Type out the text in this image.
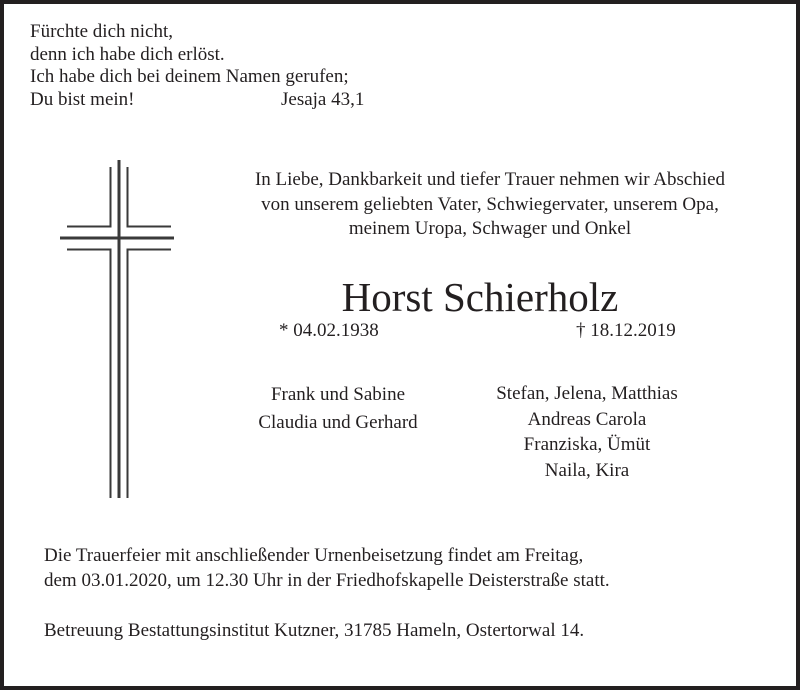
Fürchte dich nicht,
denn ich habe dich erlöst.
Ich habe dich bei deinem Namen gerufen;
Du bist mein!	Jesaja 43,1
In Liebe, Dankbarkeit und tiefer Trauer nehmen wir Abschied
von unserem geliebten Vater, Schwiegervater, unserem Opa,
meinem Uropa, Schwager und Onkel
Horst Schierholz
* 04.02.1938	† 18.12.2019
Frank und Sabine
Claudia und Gerhard
Stefan, Jelena, Matthias
Andreas Carola
Franziska, Ümüt
Naila, Kira
Die Trauerfeier mit anschließender Urnenbeisetzung findet am Freitag,
dem 03.01.2020, um 12.30 Uhr in der Friedhofskapelle Deisterstraße statt.
Betreuung Bestattungsinstitut Kutzner, 31785 Hameln, Ostertorwal 14.
